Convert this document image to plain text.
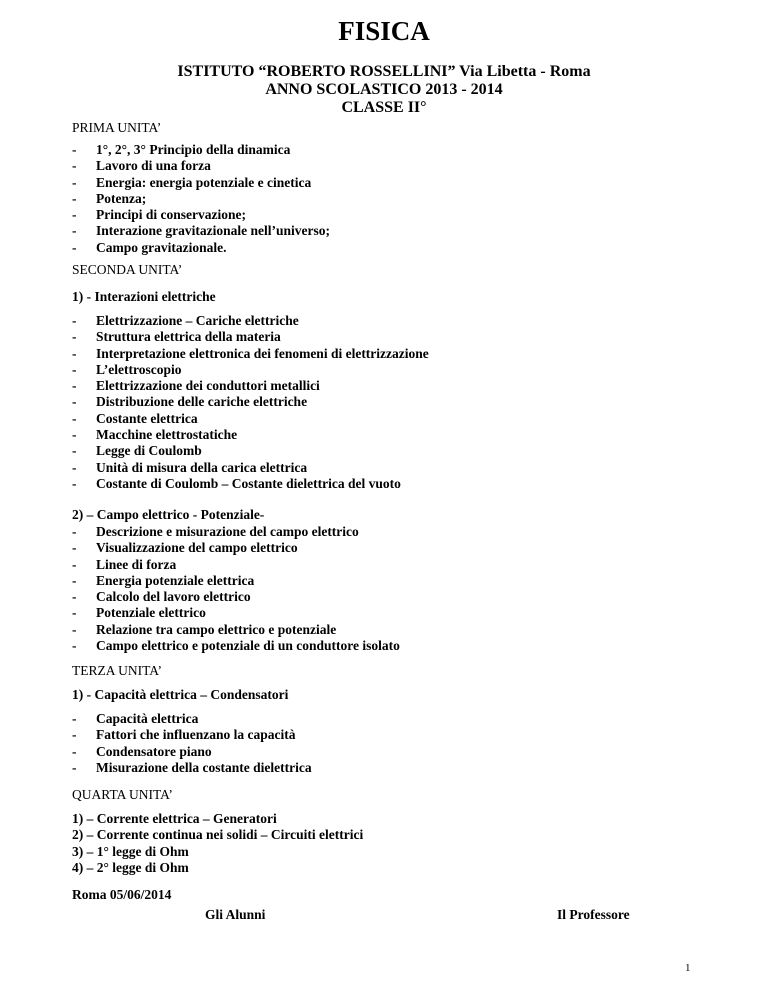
FISICA
ISTITUTO “ROBERTO ROSSELLINI” Via Libetta - Roma
ANNO SCOLASTICO 2013 - 2014
CLASSE II°
PRIMA UNITA’
- 1°, 2°, 3° Principio della dinamica
- Lavoro di una forza
- Energia: energia potenziale e cinetica
- Potenza;
- Principi di conservazione;
- Interazione gravitazionale nell’universo;
- Campo gravitazionale.
SECONDA UNITA’
1) - Interazioni elettriche
- Elettrizzazione – Cariche elettriche
- Struttura elettrica della materia
- Interpretazione elettronica dei fenomeni di elettrizzazione
- L’elettroscopio
- Elettrizzazione dei conduttori metallici
- Distribuzione delle cariche elettriche
- Costante elettrica
- Macchine elettrostatiche
- Legge di Coulomb
- Unità di misura della carica elettrica
- Costante di Coulomb – Costante dielettrica del vuoto
2) – Campo elettrico - Potenziale-
- Descrizione e misurazione del campo elettrico
- Visualizzazione del campo elettrico
- Linee di forza
- Energia potenziale elettrica
- Calcolo del lavoro elettrico
- Potenziale elettrico
- Relazione tra campo elettrico e potenziale
- Campo elettrico e potenziale di un conduttore isolato
TERZA UNITA’
1) - Capacità elettrica – Condensatori
- Capacità elettrica
- Fattori che influenzano la capacità
- Condensatore piano
- Misurazione della costante dielettrica
QUARTA UNITA’
1) – Corrente elettrica – Generatori
2) – Corrente continua nei solidi – Circuiti elettrici
3) – 1° legge di Ohm
4) – 2° legge di Ohm
Roma 05/06/2014
Gli Alunni	Il Professore
1
